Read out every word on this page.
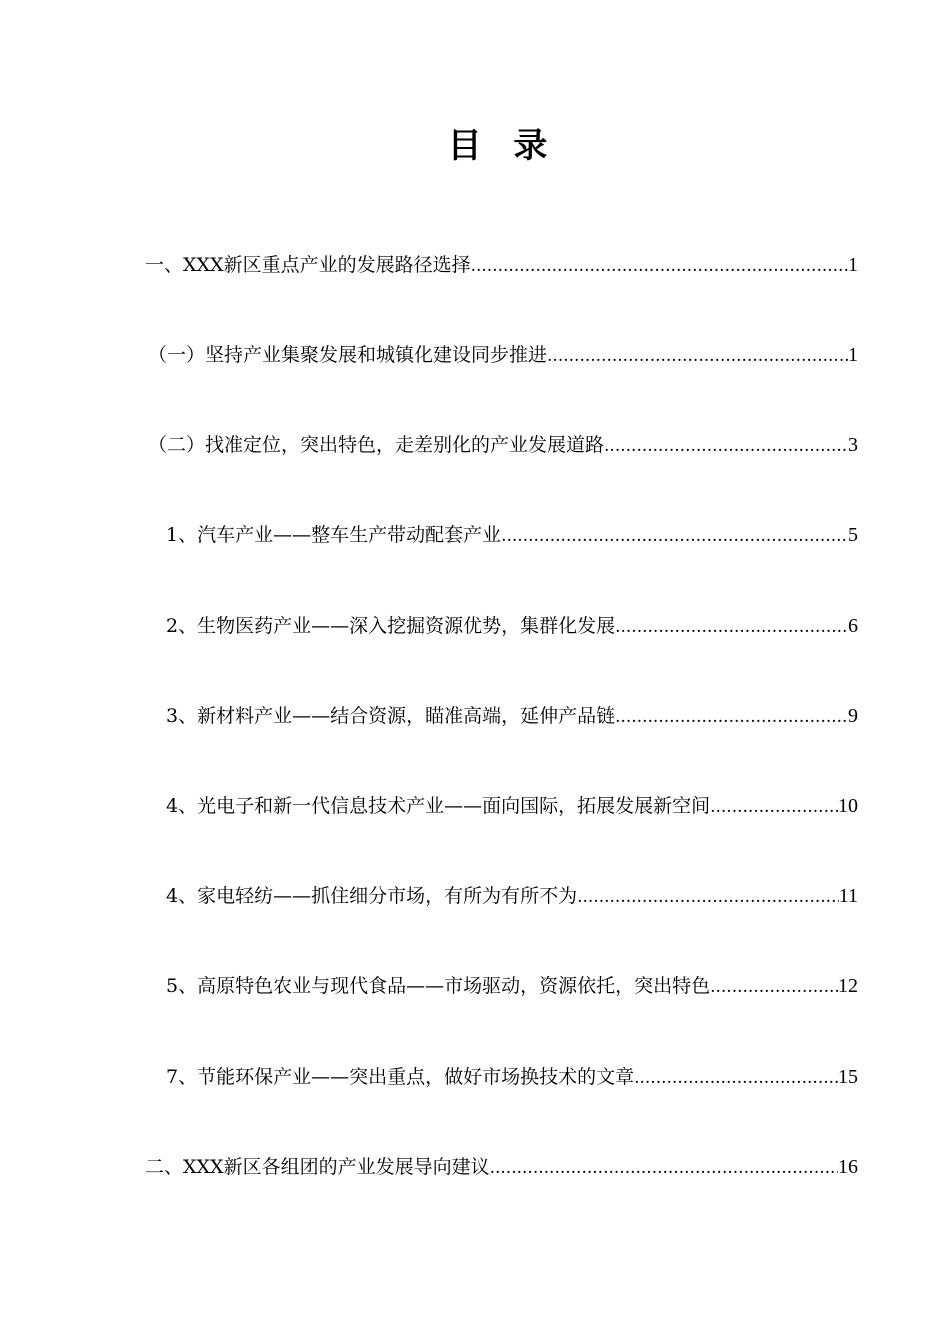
目 录
一、XXX新区重点产业的发展路径选择 .....	1
（一）坚持产业集聚发展和城镇化建设同步推进 .....	1
（二）找准定位，突出特色，走差别化的产业发展道路 .....	3
1、汽车产业——整车生产带动配套产业 .....	5
2、生物医药产业——深入挖掘资源优势，集群化发展 .....	6
3、新材料产业——结合资源，瞄准高端，延伸产品链 .....	9
4、光电子和新一代信息技术产业——面向国际，拓展发展新空间 .....	10
4、家电轻纺——抓住细分市场，有所为有所不为 .....	11
5、高原特色农业与现代食品——市场驱动，资源依托，突出特色 .....	12
7、节能环保产业——突出重点，做好市场换技术的文章 .....	15
二、XXX新区各组团的产业发展导向建议 .....	16
